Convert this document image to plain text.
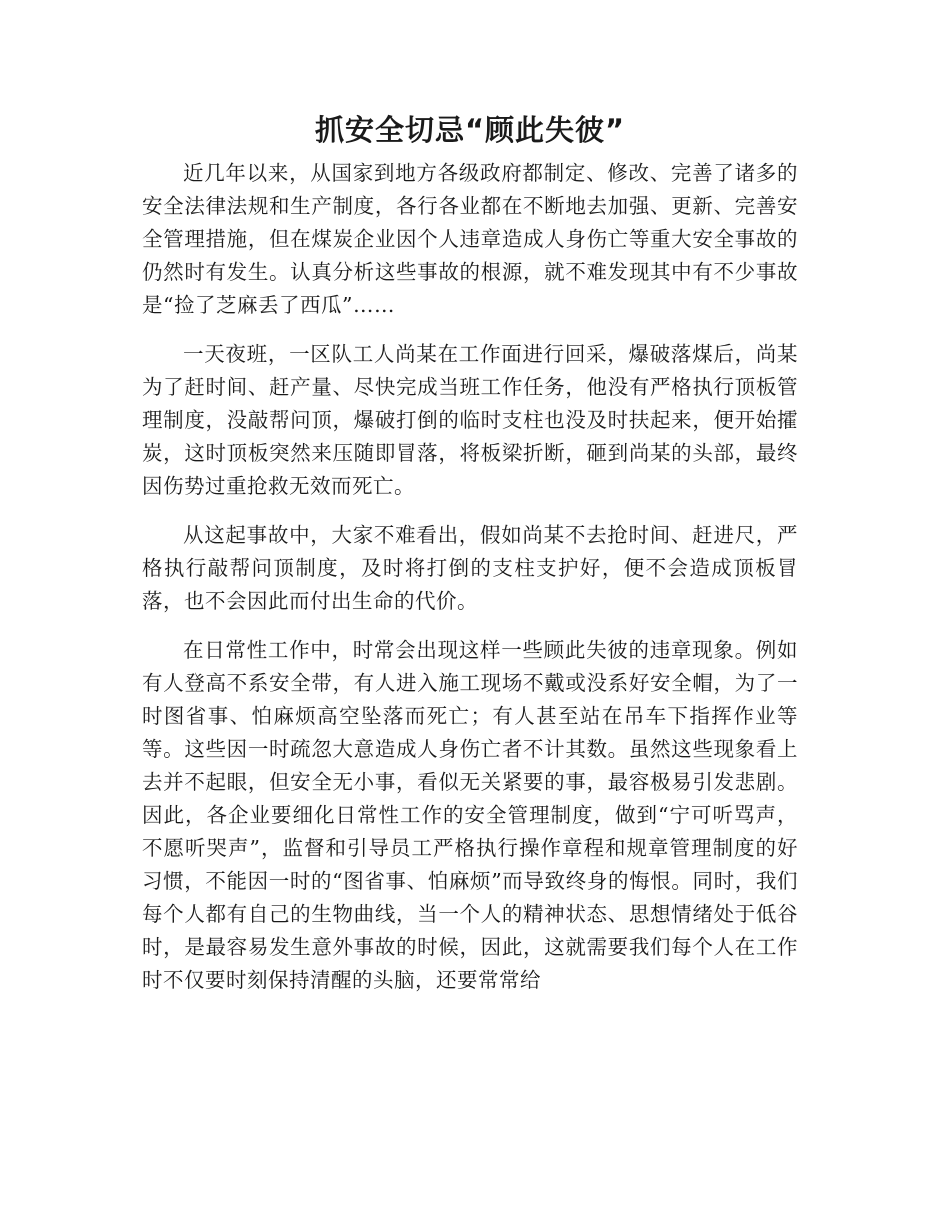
抓安全切忌“顾此失彼”

近几年以来，从国家到地方各级政府都制定、修改、完善了诸多的安全法律法规和生产制度，各行各业都在不断地去加强、更新、完善安全管理措施，但在煤炭企业因个人违章造成人身伤亡等重大安全事故的仍然时有发生。认真分析这些事故的根源，就不难发现其中有不少事故是“捡了芝麻丢了西瓜”……

一天夜班，一区队工人尚某在工作面进行回采，爆破落煤后，尚某为了赶时间、赶产量、尽快完成当班工作任务，他没有严格执行顶板管理制度，没敲帮问顶，爆破打倒的临时支柱也没及时扶起来，便开始攉炭，这时顶板突然来压随即冒落，将板梁折断，砸到尚某的头部，最终因伤势过重抢救无效而死亡。

从这起事故中，大家不难看出，假如尚某不去抢时间、赶进尺，严格执行敲帮问顶制度，及时将打倒的支柱支护好，便不会造成顶板冒落，也不会因此而付出生命的代价。

在日常性工作中，时常会出现这样一些顾此失彼的违章现象。例如有人登高不系安全带，有人进入施工现场不戴或没系好安全帽，为了一时图省事、怕麻烦高空坠落而死亡；有人甚至站在吊车下指挥作业等等。这些因一时疏忽大意造成人身伤亡者不计其数。虽然这些现象看上去并不起眼，但安全无小事，看似无关紧要的事，最容极易引发悲剧。因此，各企业要细化日常性工作的安全管理制度，做到“宁可听骂声，不愿听哭声”，监督和引导员工严格执行操作章程和规章管理制度的好习惯，不能因一时的“图省事、怕麻烦”而导致终身的悔恨。同时，我们每个人都有自己的生物曲线，当一个人的精神状态、思想情绪处于低谷时，是最容易发生意外事故的时候，因此，这就需要我们每个人在工作时不仅要时刻保持清醒的头脑，还要常常给
